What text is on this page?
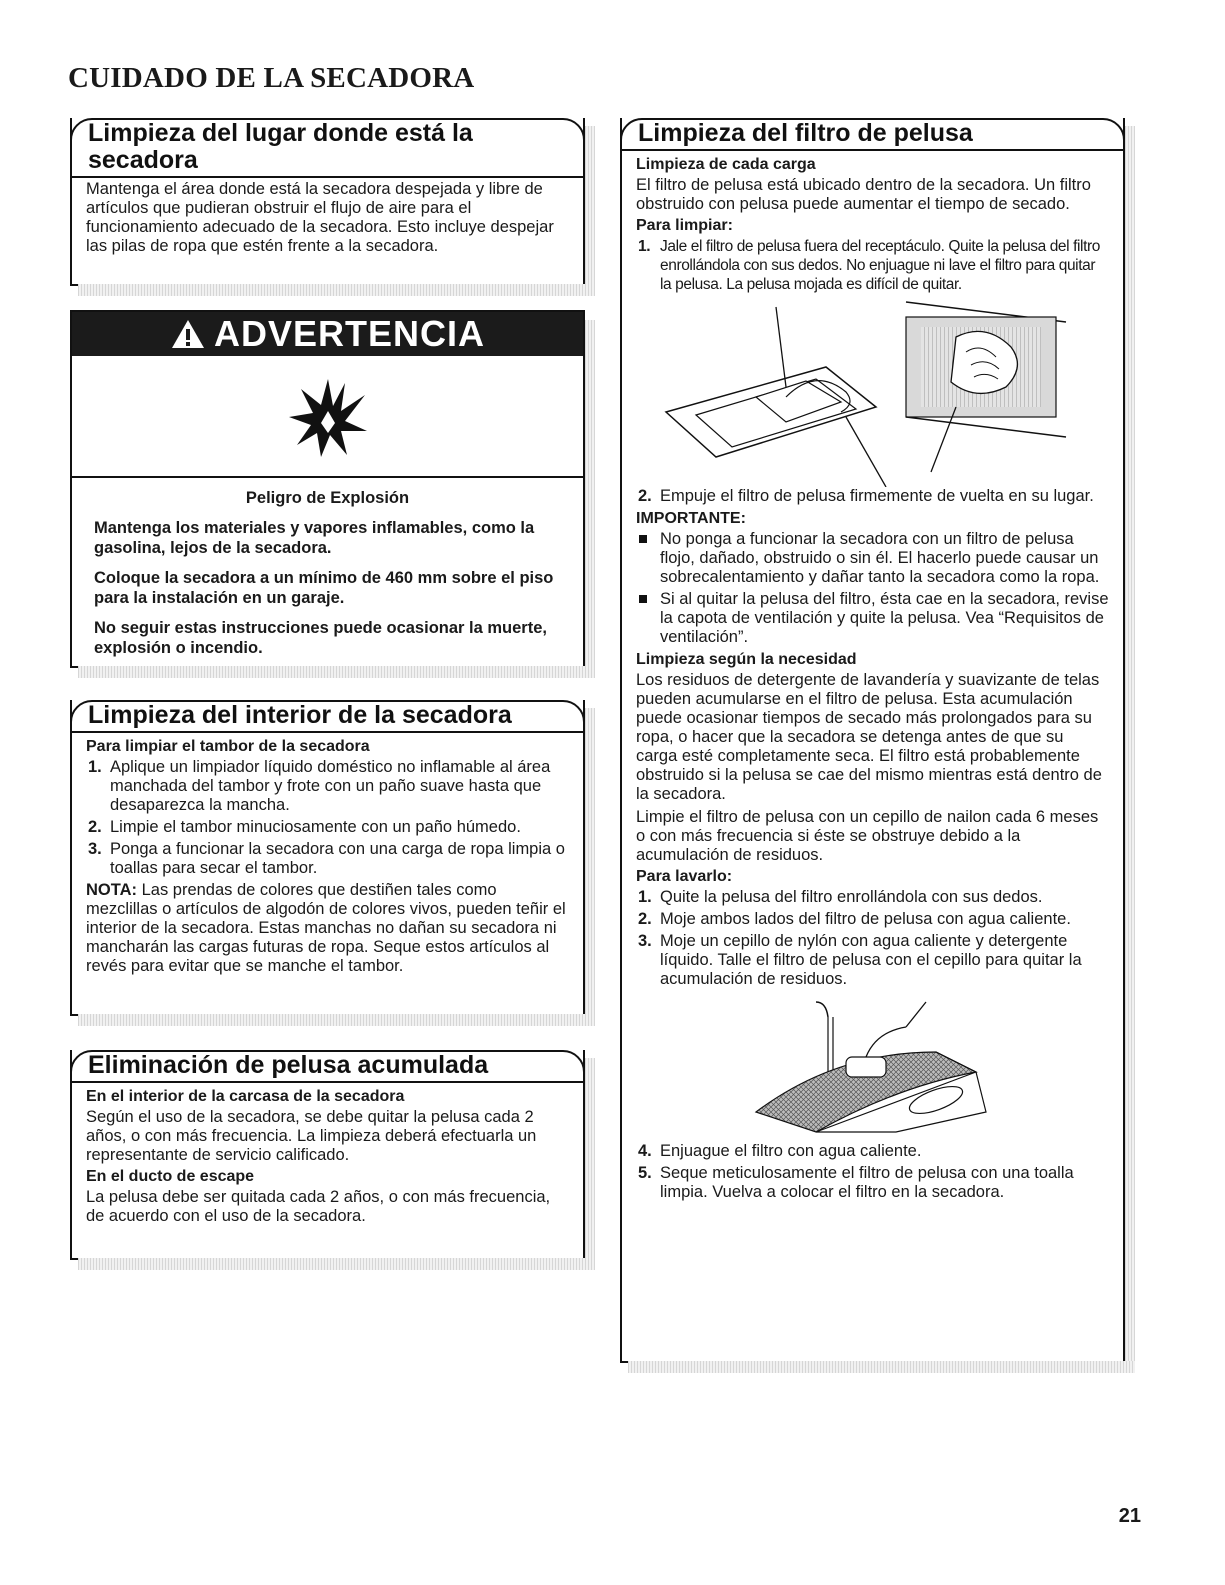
CUIDADO DE LA SECADORA
Limpieza del lugar donde está la secadora

Mantenga el área donde está la secadora despejada y libre de artículos que pudieran obstruir el flujo de aire para el funcionamiento adecuado de la secadora. Esto incluye despejar las pilas de ropa que estén frente a la secadora.

ADVERTENCIA

Peligro de Explosión

Mantenga los materiales y vapores inflamables, como la gasolina, lejos de la secadora.

Coloque la secadora a un mínimo de 460 mm sobre el piso para la instalación en un garaje.

No seguir estas instrucciones puede ocasionar la muerte, explosión o incendio.

Limpieza del interior de la secadora

Para limpiar el tambor de la secadora

1. Aplique un limpiador líquido doméstico no inflamable al área manchada del tambor y frote con un paño suave hasta que desaparezca la mancha.
2. Limpie el tambor minuciosamente con un paño húmedo.
3. Ponga a funcionar la secadora con una carga de ropa limpia o toallas para secar el tambor.

NOTA: Las prendas de colores que destiñen tales como mezclillas o artículos de algodón de colores vivos, pueden teñir el interior de la secadora. Estas manchas no dañan su secadora ni mancharán las cargas futuras de ropa. Seque estos artículos al revés para evitar que se manche el tambor.

Eliminación de pelusa acumulada

En el interior de la carcasa de la secadora

Según el uso de la secadora, se debe quitar la pelusa cada 2 años, o con más frecuencia. La limpieza deberá efectuarla un representante de servicio calificado.

En el ducto de escape

La pelusa debe ser quitada cada 2 años, o con más frecuencia, de acuerdo con el uso de la secadora.

Limpieza del filtro de pelusa

Limpieza de cada carga

El filtro de pelusa está ubicado dentro de la secadora. Un filtro obstruido con pelusa puede aumentar el tiempo de secado.

Para limpiar:

1. Jale el filtro de pelusa fuera del receptáculo. Quite la pelusa del filtro enrollándola con sus dedos. No enjuague ni lave el filtro para quitar la pelusa. La pelusa mojada es difícil de quitar.
2. Empuje el filtro de pelusa firmemente de vuelta en su lugar.

IMPORTANTE:

No ponga a funcionar la secadora con un filtro de pelusa flojo, dañado, obstruido o sin él. El hacerlo puede causar un sobrecalentamiento y dañar tanto la secadora como la ropa.
Si al quitar la pelusa del filtro, ésta cae en la secadora, revise la capota de ventilación y quite la pelusa. Vea “Requisitos de ventilación”.

Limpieza según la necesidad

Los residuos de detergente de lavandería y suavizante de telas pueden acumularse en el filtro de pelusa. Esta acumulación puede ocasionar tiempos de secado más prolongados para su ropa, o hacer que la secadora se detenga antes de que su carga esté completamente seca. El filtro está probablemente obstruido si la pelusa se cae del mismo mientras está dentro de la secadora.

Limpie el filtro de pelusa con un cepillo de nailon cada 6 meses o con más frecuencia si éste se obstruye debido a la acumulación de residuos.

Para lavarlo:

1. Quite la pelusa del filtro enrollándola con sus dedos.
2. Moje ambos lados del filtro de pelusa con agua caliente.
3. Moje un cepillo de nylón con agua caliente y detergente líquido. Talle el filtro de pelusa con el cepillo para quitar la acumulación de residuos.
4. Enjuague el filtro con agua caliente.
5. Seque meticulosamente el filtro de pelusa con una toalla limpia. Vuelva a colocar el filtro en la secadora.
21
